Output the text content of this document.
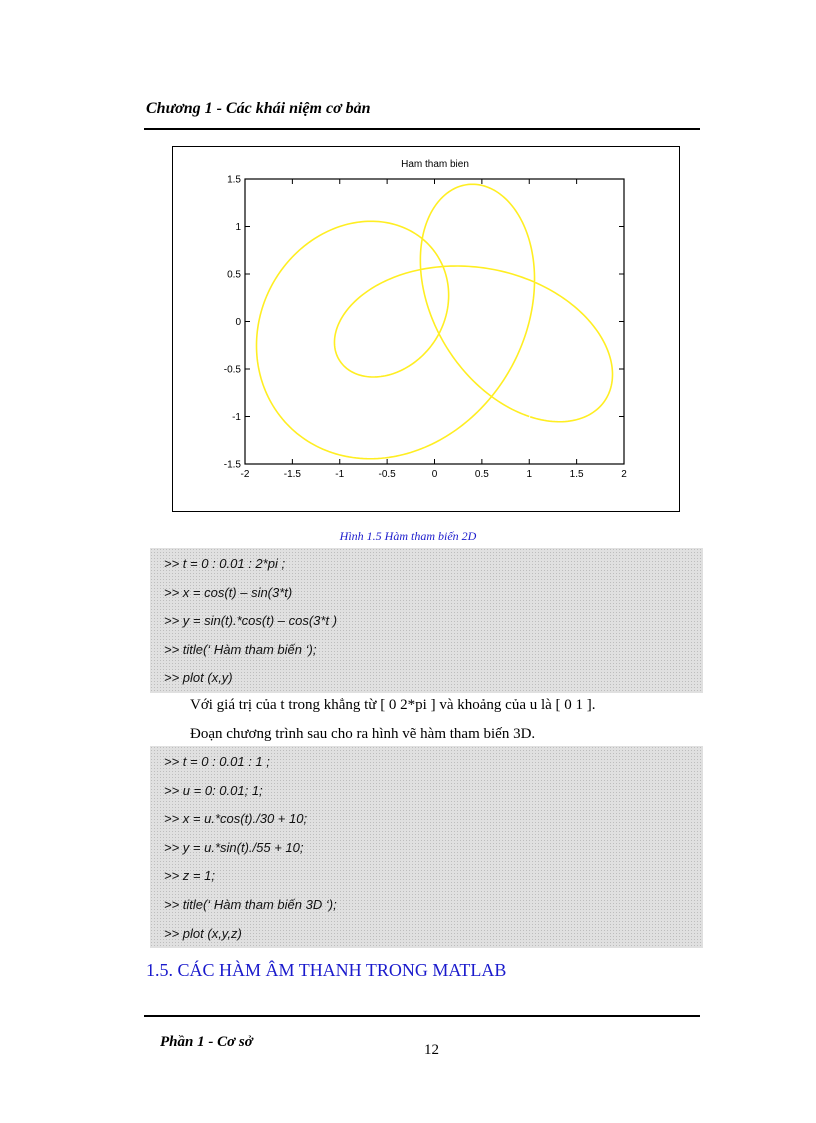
Chương 1 - Các khái niệm cơ bản
Ham tham bien
-2	-1.5	-1	-0.5	0	0.5	1	1.5	2
1.5
1
0.5
0
-0.5
-1
-1.5
Hình 1.5 Hàm tham biến 2D
>> t = 0 : 0.01 : 2*pi ;
>> x = cos(t) – sin(3*t)
>> y = sin(t).*cos(t) – cos(3*t )
>> title(‘ Hàm tham biến ‘);
>> plot (x,y)
Với giá trị của t trong khẳng từ [ 0 2*pi ] và khoảng của u là [ 0 1 ].
Đoạn chương trình sau cho ra hình vẽ hàm tham biến 3D.
>> t = 0 : 0.01 : 1 ;
>> u = 0: 0.01; 1;
>> x = u.*cos(t)./30 + 10;
>> y = u.*sin(t)./55 + 10;
>> z = 1;
>> title(‘ Hàm tham biến 3D ‘);
>> plot (x,y,z)
1.5. CÁC HÀM ÂM THANH TRONG MATLAB
Phần 1 - Cơ sở	12
